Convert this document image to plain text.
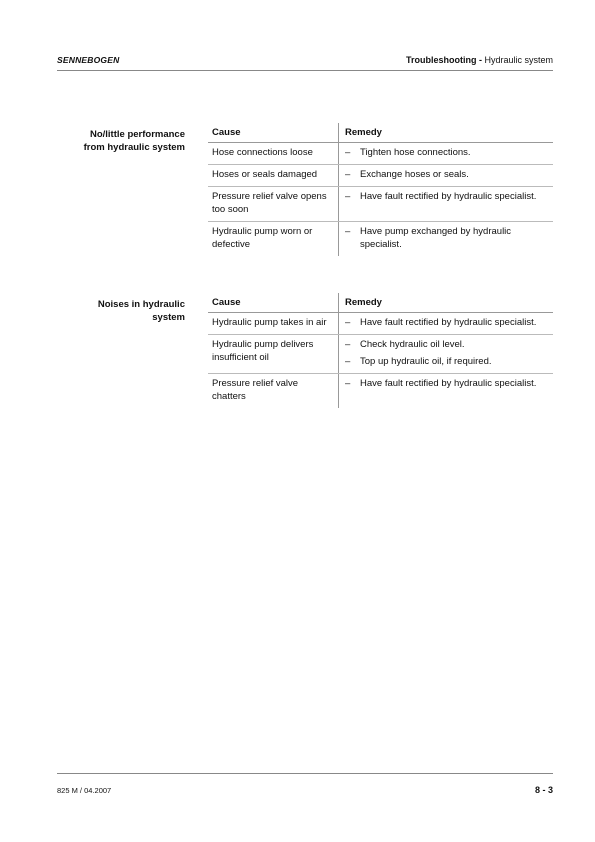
SENNEBOGEN	Troubleshooting - Hydraulic system
No/little performance
from hydraulic system
Cause	Remedy
Hose connections loose	– Tighten hose connections.

Hoses or seals damaged	– Exchange hoses or seals.

Pressure relief valve opens too soon	– Have fault rectified by hydraulic specialist.

Hydraulic pump worn or defective	– Have pump exchanged by hydraulic specialist.
Noises in hydraulic
system
Cause	Remedy
Hydraulic pump takes in air	– Have fault rectified by hydraulic specialist.

Hydraulic pump delivers insufficient oil	– Check hydraulic oil level.
– Top up hydraulic oil, if required.

Pressure relief valve chatters	– Have fault rectified by hydraulic specialist.
825 M / 04.2007	8 - 3
